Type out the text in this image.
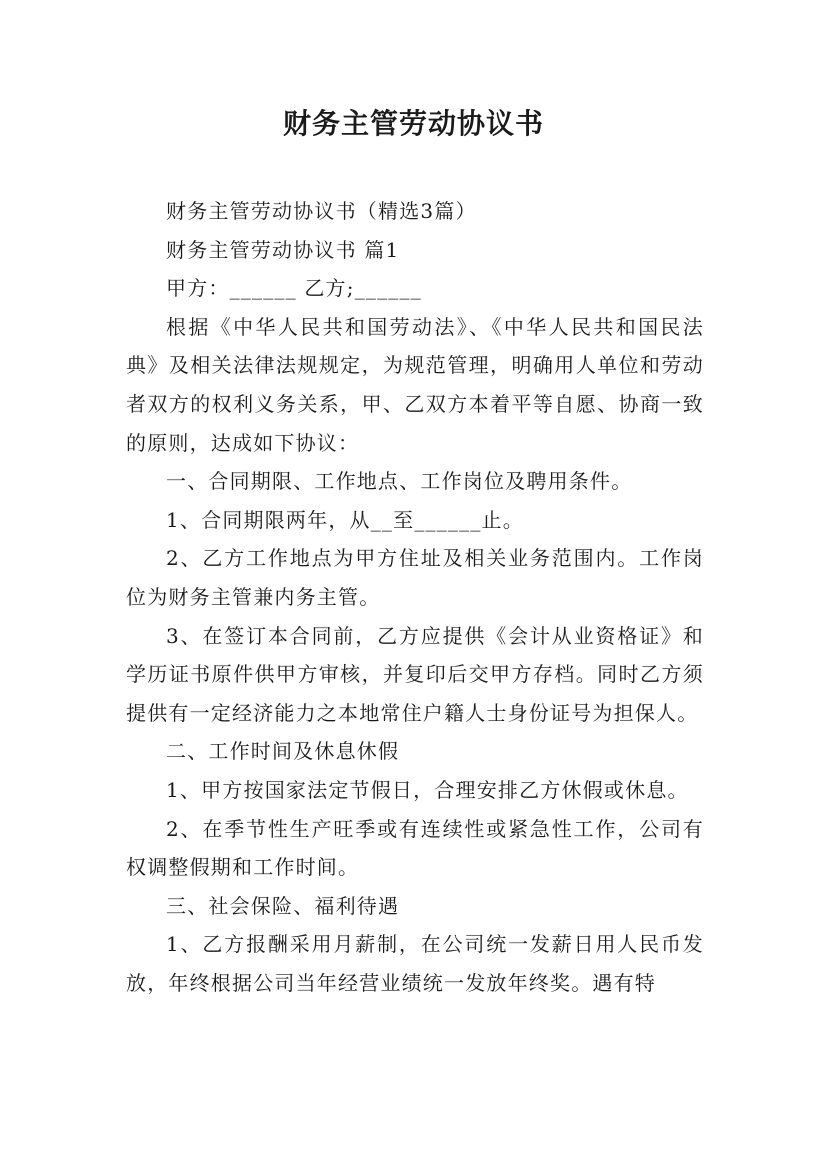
财务主管劳动协议书

财务主管劳动协议书（精选3篇）

财务主管劳动协议书 篇1

甲方：______ 乙方;______

根据《中华人民共和国劳动法》、《中华人民共和国民法典》及相关法律法规规定，为规范管理，明确用人单位和劳动者双方的权利义务关系，甲、乙双方本着平等自愿、协商一致的原则，达成如下协议：

一、合同期限、工作地点、工作岗位及聘用条件。

1、合同期限两年，从__至______止。

2、乙方工作地点为甲方住址及相关业务范围内。工作岗位为财务主管兼内务主管。

3、在签订本合同前，乙方应提供《会计从业资格证》和学历证书原件供甲方审核，并复印后交甲方存档。同时乙方须提供有一定经济能力之本地常住户籍人士身份证号为担保人。

二、工作时间及休息休假

1、甲方按国家法定节假日，合理安排乙方休假或休息。

2、在季节性生产旺季或有连续性或紧急性工作，公司有权调整假期和工作时间。

三、社会保险、福利待遇

1、乙方报酬采用月薪制，在公司统一发薪日用人民币发放，年终根据公司当年经营业绩统一发放年终奖。遇有特
